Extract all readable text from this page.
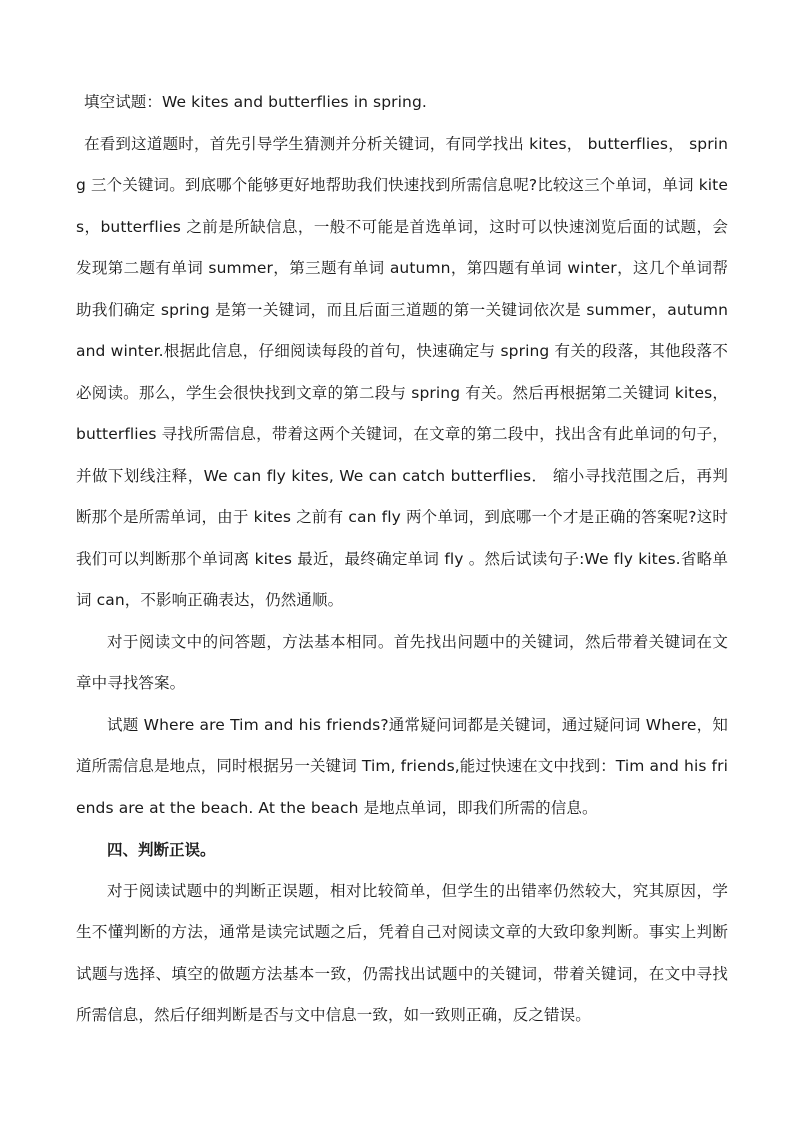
填空试题：We kites and butterflies in spring.

在看到这道题时，首先引导学生猜测并分析关键词，有同学找出 kites， butterflies， spring 三个关键词。到底哪个能够更好地帮助我们快速找到所需信息呢?比较这三个单词，单词 kites，butterflies 之前是所缺信息，一般不可能是首选单词，这时可以快速浏览后面的试题，会发现第二题有单词 summer，第三题有单词 autumn，第四题有单词 winter，这几个单词帮助我们确定 spring 是第一关键词，而且后面三道题的第一关键词依次是 summer，autumn and winter.根据此信息，仔细阅读每段的首句，快速确定与 spring 有关的段落，其他段落不必阅读。那么，学生会很快找到文章的第二段与 spring 有关。然后再根据第二关键词 kites， butterflies 寻找所需信息，带着这两个关键词，在文章的第二段中，找出含有此单词的句子，并做下划线注释，We can fly kites, We can catch butterflies． 缩小寻找范围之后，再判断那个是所需单词，由于 kites 之前有 can fly 两个单词，到底哪一个才是正确的答案呢?这时我们可以判断那个单词离 kites 最近，最终确定单词 fly 。然后试读句子:We fly kites.省略单词 can，不影响正确表达，仍然通顺。

对于阅读文中的问答题，方法基本相同。首先找出问题中的关键词，然后带着关键词在文章中寻找答案。

试题 Where are Tim and his friends?通常疑问词都是关键词，通过疑问词 Where，知道所需信息是地点，同时根据另一关键词 Tim, friends,能过快速在文中找到：Tim and his friends are at the beach. At the beach 是地点单词，即我们所需的信息。

四、判断正误。

对于阅读试题中的判断正误题，相对比较简单，但学生的出错率仍然较大，究其原因，学生不懂判断的方法，通常是读完试题之后，凭着自己对阅读文章的大致印象判断。事实上判断试题与选择、填空的做题方法基本一致，仍需找出试题中的关键词，带着关键词，在文中寻找所需信息，然后仔细判断是否与文中信息一致，如一致则正确，反之错误。
